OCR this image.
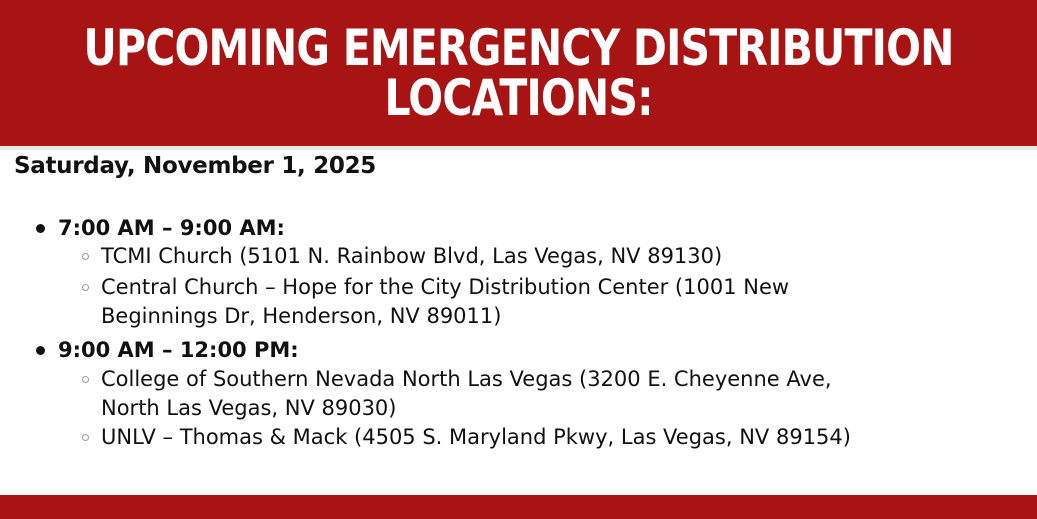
UPCOMING EMERGENCY DISTRIBUTION
LOCATIONS:
Saturday, November 1, 2025
7:00 AM – 9:00 AM:
TCMI Church (5101 N. Rainbow Blvd, Las Vegas, NV 89130)
Central Church – Hope for the City Distribution Center (1001 New
Beginnings Dr, Henderson, NV 89011)
9:00 AM – 12:00 PM:
College of Southern Nevada North Las Vegas (3200 E. Cheyenne Ave,
North Las Vegas, NV 89030)
UNLV – Thomas & Mack (4505 S. Maryland Pkwy, Las Vegas, NV 89154)
